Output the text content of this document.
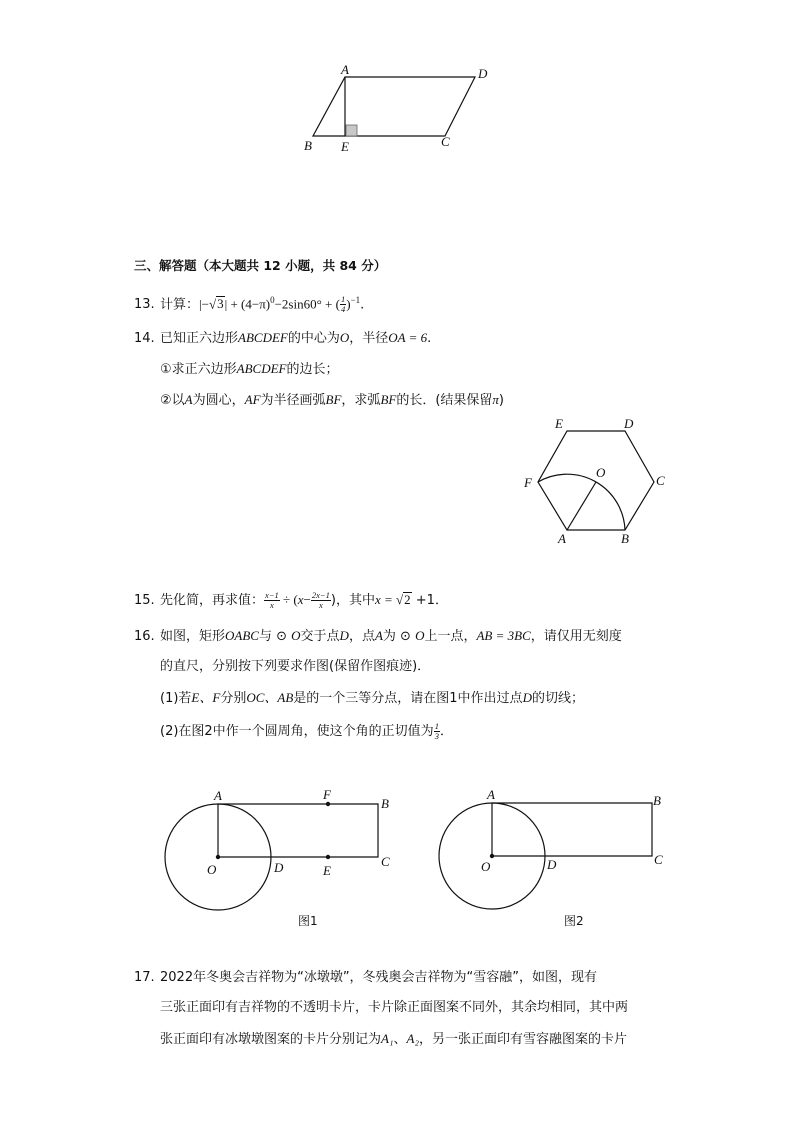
A	D
B E	C
三、解答题（本大题共 12 小题，共 84 分）
13. 计算：$|-√3| + (4-\pi)^0-2\sin 60^\circ$ + ( $\frac{1}{4} )^{-1}$.
14. 已知正六边形ABCDEF的中心为O，半径OA = 6.
①求正六边形ABCDEF的边长；
②以A为圆心，AF为半径画弧BF，求弧BF的长．(结果保留π)
E	D
F
O
C
A	B
15. 先化简，再求值： $\frac{x-1}{x} \div (x- \frac{2x-1}{x}$ )，其中x = √2 +1．
16. 如图，矩形OABC与 ⊙ O交于点D，点A为 ⊙ O上一点，AB = 3BC，请仅用无刻度
的直尺，分别按下列要求作图(保留作图痕迹)．
(1)若E、F分别OC、AB是的一个三等分点，请在图1中作出过点D的切线；
(2)在图2中作一个圆周角，使这个角的正切值为 $\frac{1}{3}$ ．
A	F
B
O	D	E
C
图1
A	B
O	D	C
图2
17. 2022年冬奥会吉祥物为“冰墩墩”，冬残奥会吉祥物为“雪容融”，如图，现有
三张正面印有吉祥物的不透明卡片，卡片除正面图案不同外，其余均相同，其中两
张正面印有冰墩墩图案的卡片分别记为A₁、A₂，另一张正面印有雪容融图案的卡片
